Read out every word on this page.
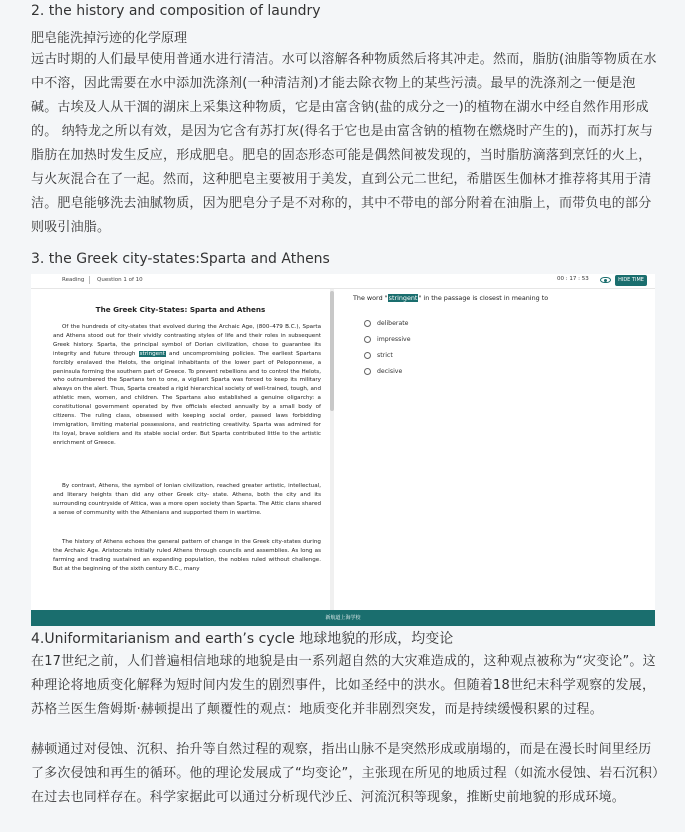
2. the history and composition of laundry
肥皂能洗掉污迹的化学原理

远古时期的人们最早使用普通水进行清洁。水可以溶解各种物质然后将其冲走。然而，脂肪(油脂等物质在水中不溶，因此需要在水中添加洗涤剂(一种清洁剂)才能去除衣物上的某些污渍。最早的洗涤剂之一便是泡碱。古埃及人从干涸的湖床上采集这种物质，它是由富含钠(盐的成分之一)的植物在湖水中经自然作用形成的。 纳特龙之所以有效，是因为它含有苏打灰(得名于它也是由富含钠的植物在燃烧时产生的)，而苏打灰与脂肪在加热时发生反应，形成肥皂。肥皂的固态形态可能是偶然间被发现的，当时脂肪滴落到烹饪的火上，与火灰混合在了一起。然而，这种肥皂主要被用于美发，直到公元二世纪，希腊医生伽林才推荐将其用于清洁。肥皂能够洗去油腻物质，因为肥皂分子是不对称的，其中不带电的部分附着在油脂上，而带负电的部分则吸引油脂。

3. the Greek city-states:Sparta and Athens
Reading Question 1 of 10	00 : 17 : 53	HIDE TIME
The Greek City-States: Sparta and Athens

Of the hundreds of city-states that evolved during the Archaic Age, (800–479 B.C.), Sparta and Athens stood out for their vividly contrasting styles of life and their roles in subsequent Greek history. Sparta, the principal symbol of Dorian civilization, chose to guarantee its integrity and future through stringent and uncompromising policies. The earliest Spartans forcibly enslaved the Helots, the original inhabitants of the lower part of Peloponnese, a peninsula forming the southern part of Greece. To prevent rebellions and to control the Helots, who outnumbered the Spartans ten to one, a vigilant Sparta was forced to keep its military always on the alert. Thus, Sparta created a rigid hierarchical society of well-trained, tough, and athletic men, women, and children. The Spartans also established a genuine oligarchy: a constitutional government operated by five officials elected annually by a small body of citizens. The ruling class, obsessed with keeping social order, passed laws forbidding immigration, limiting material possessions, and restricting creativity. Sparta was admired for its loyal, brave soldiers and its stable social order. But Sparta contributed little to the artistic enrichment of Greece.

By contrast, Athens, the symbol of Ionian civilization, reached greater artistic, intellectual, and literary heights than did any other Greek city- state. Athens, both the city and its surrounding countryside of Attica, was a more open society than Sparta. The Attic clans shared a sense of community with the Athenians and supported them in wartime.

The history of Athens echoes the general pattern of change in the Greek city-states during the Archaic Age. Aristocrats initially ruled Athens through councils and assemblies. As long as farming and trading sustained an expanding population, the nobles ruled without challenge. But at the beginning of the sixth century B.C., many

The word "stringent" in the passage is closest in meaning to
deliberate
impressive
strict
decisive
新航道上海学校
4.Uniformitarianism and earth’s cycle 地球地貌的形成，均变论

在17世纪之前，人们普遍相信地球的地貌是由一系列超自然的大灾难造成的，这种观点被称为“灾变论”。这种理论将地质变化解释为短时间内发生的剧烈事件，比如圣经中的洪水。但随着18世纪末科学观察的发展，苏格兰医生詹姆斯·赫顿提出了颠覆性的观点：地质变化并非剧烈突发，而是持续缓慢积累的过程。

赫顿通过对侵蚀、沉积、抬升等自然过程的观察，指出山脉不是突然形成或崩塌的，而是在漫长时间里经历了多次侵蚀和再生的循环。他的理论发展成了“均变论”，主张现在所见的地质过程（如流水侵蚀、岩石沉积）在过去也同样存在。科学家据此可以通过分析现代沙丘、河流沉积等现象，推断史前地貌的形成环境。
